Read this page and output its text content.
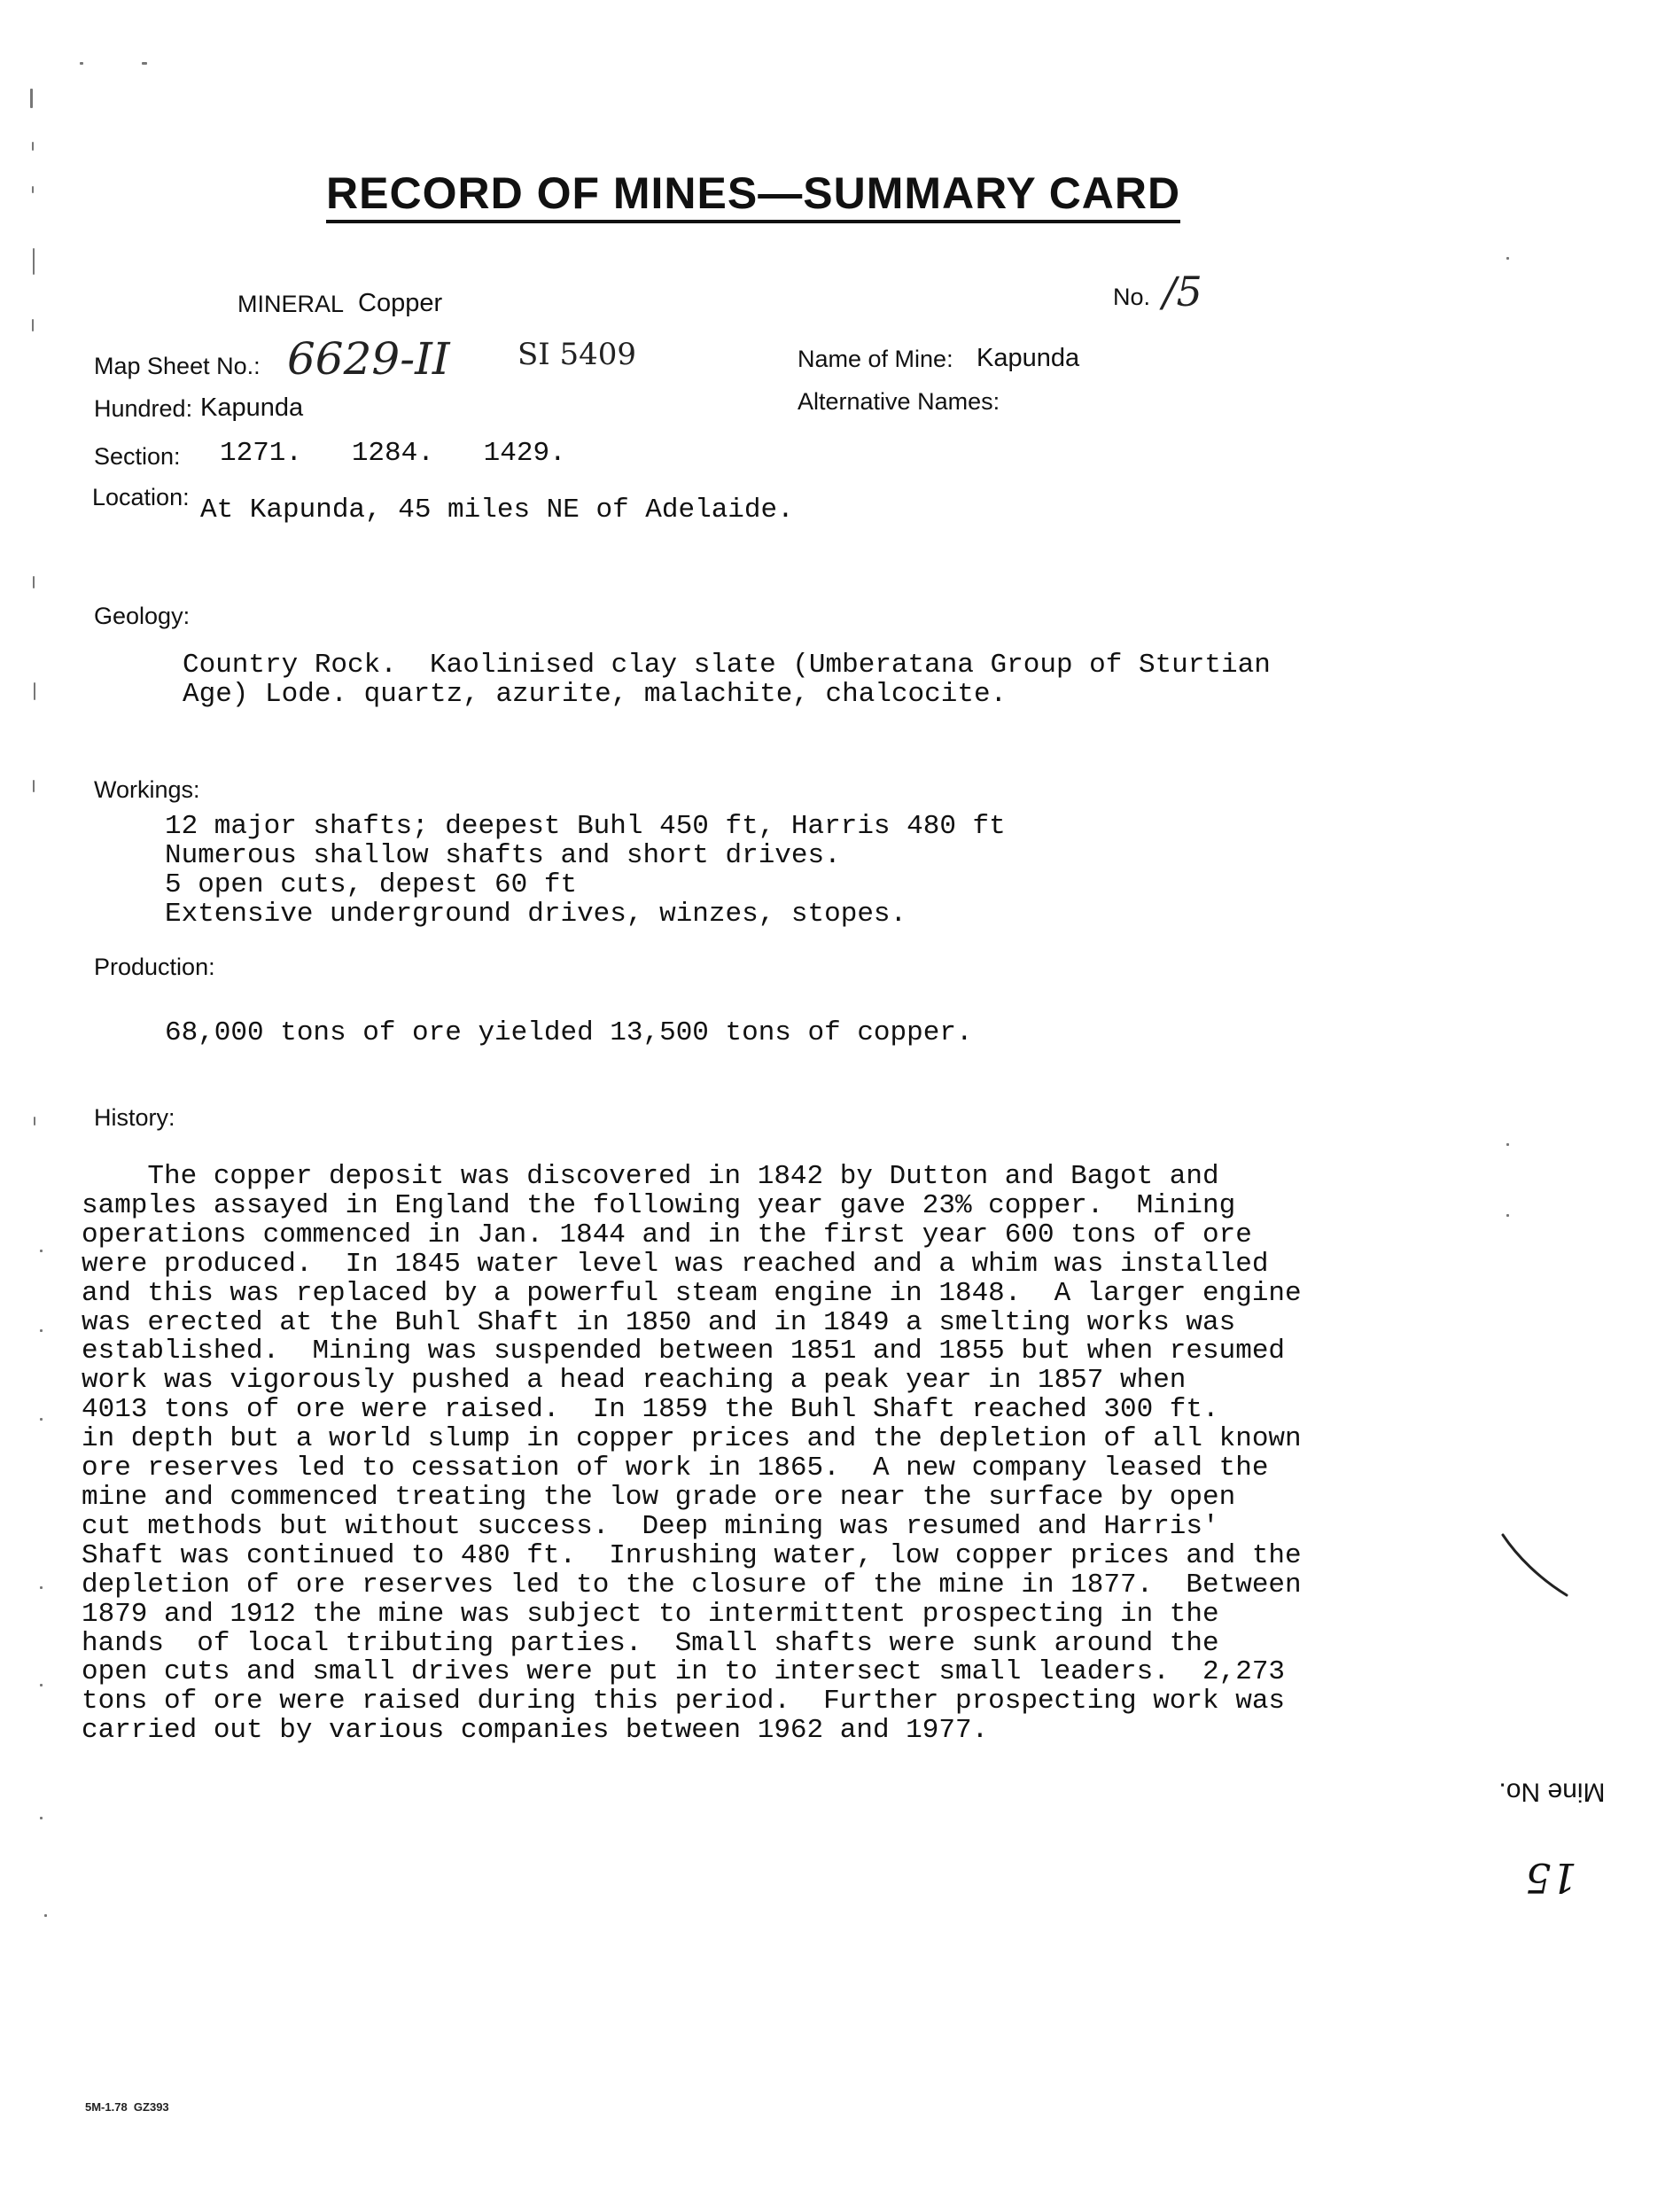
RECORD OF MINES—SUMMARY CARD
MINERAL Copper	No. /5
Map Sheet No.: 6629-II SI 5409	Name of Mine: Kapunda
Hundred: Kapunda	Alternative Names:
Section: 1271.   1284.   1429.
Location: At Kapunda, 45 miles NE of Adelaide.
Geology:
Country Rock.  Kaolinised clay slate (Umberatana Group of Sturtian
Age) Lode. quartz, azurite, malachite, chalcocite.
Workings:
12 major shafts; deepest Buhl 450 ft, Harris 480 ft
Numerous shallow shafts and short drives.
5 open cuts, depest 60 ft
Extensive underground drives, winzes, stopes.
Production:
68,000 tons of ore yielded 13,500 tons of copper.
History:
The copper deposit was discovered in 1842 by Dutton and Bagot and
samples assayed in England the following year gave 23% copper.  Mining
operations commenced in Jan. 1844 and in the first year 600 tons of ore
were produced.  In 1845 water level was reached and a whim was installed
and this was replaced by a powerful steam engine in 1848.  A larger engine
was erected at the Buhl Shaft in 1850 and in 1849 a smelting works was
established.  Mining was suspended between 1851 and 1855 but when resumed
work was vigorously pushed a head reaching a peak year in 1857 when
4013 tons of ore were raised.  In 1859 the Buhl Shaft reached 300 ft.
in depth but a world slump in copper prices and the depletion of all known
ore reserves led to cessation of work in 1865.  A new company leased the
mine and commenced treating the low grade ore near the surface by open
cut methods but without success.  Deep mining was resumed and Harris'
Shaft was continued to 480 ft.  Inrushing water, low copper prices and the
depletion of ore reserves led to the closure of the mine in 1877.  Between
1879 and 1912 the mine was subject to intermittent prospecting in the
hands  of local tributing parties.  Small shafts were sunk around the
open cuts and small drives were put in to intersect small leaders.  2,273
tons of ore were raised during this period.  Further prospecting work was
carried out by various companies between 1962 and 1977.
Mine No. 15
5M-1.78  GZ393
